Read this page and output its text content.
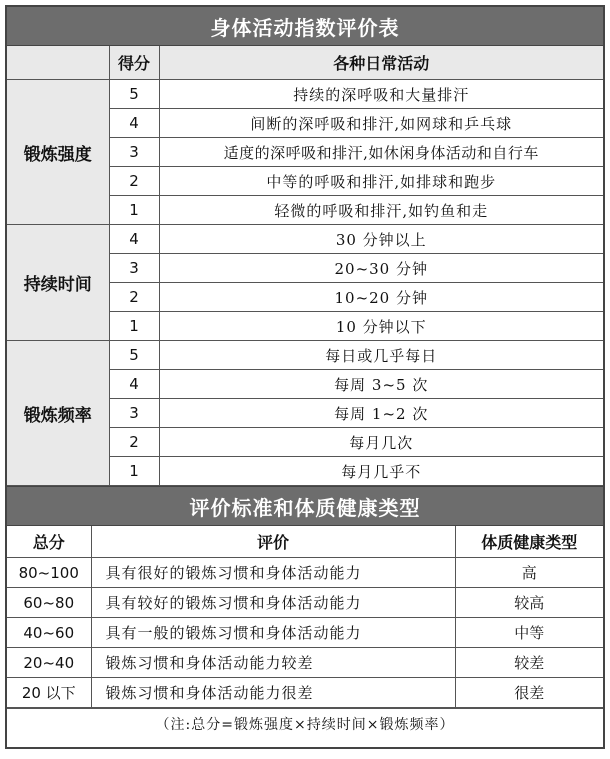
身体活动指数评价表
	得分	各种日常活动
锻炼强度	5	持续的深呼吸和大量排汗
	4	间断的深呼吸和排汗,如网球和乒乓球
	3	适度的深呼吸和排汗,如休闲身体活动和自行车
	2	中等的呼吸和排汗,如排球和跑步
	1	轻微的呼吸和排汗,如钓鱼和走
持续时间	4	30 分钟以上
	3	20~30 分钟
	2	10~20 分钟
	1	10 分钟以下
锻炼频率	5	每日或几乎每日
	4	每周 3~5 次
	3	每周 1~2 次
	2	每月几次
	1	每月几乎不
评价标准和体质健康类型
总分	评价	体质健康类型
80~100	具有很好的锻炼习惯和身体活动能力	高
60~80	具有较好的锻炼习惯和身体活动能力	较高
40~60	具有一般的锻炼习惯和身体活动能力	中等
20~40	锻炼习惯和身体活动能力较差	较差
20 以下	锻炼习惯和身体活动能力很差	很差
（注:总分=锻炼强度×持续时间×锻炼频率）
